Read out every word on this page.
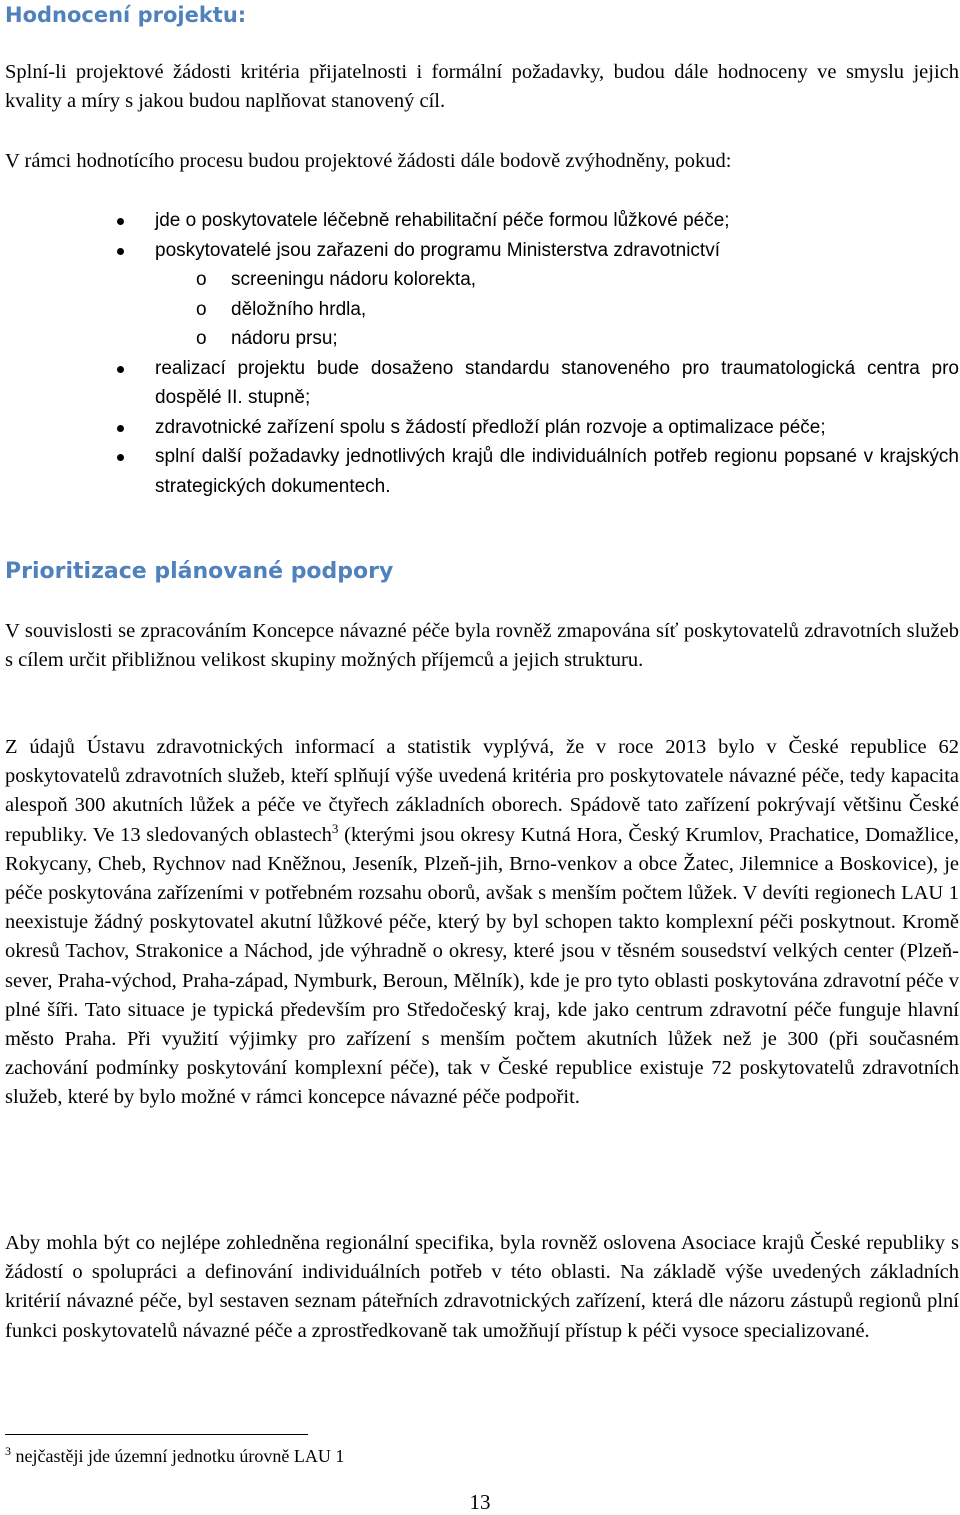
Hodnocení projektu:

Splní-li projektové žádosti kritéria přijatelnosti i formální požadavky, budou dále hodnoceny ve smyslu jejich kvality a míry s jakou budou naplňovat stanovený cíl.

V rámci hodnotícího procesu budou projektové žádosti dále bodově zvýhodněny, pokud:

jde o poskytovatele léčebně rehabilitační péče formou lůžkové péče;
poskytovatelé jsou zařazeni do programu Ministerstva zdravotnictví
o screeningu nádoru kolorekta,
o děložního hrdla,
o nádoru prsu;
realizací projektu bude dosaženo standardu stanoveného pro traumatologická centra pro dospělé II. stupně;
zdravotnické zařízení spolu s žádostí předloží plán rozvoje a optimalizace péče;
splní další požadavky jednotlivých krajů dle individuálních potřeb regionu popsané v krajských strategických dokumentech.
Prioritizace plánované podpory

V souvislosti se zpracováním Koncepce návazné péče byla rovněž zmapována síť poskytovatelů zdravotních služeb s cílem určit přibližnou velikost skupiny možných příjemců a jejich strukturu.

Z údajů Ústavu zdravotnických informací a statistik vyplývá, že v roce 2013 bylo v České republice 62 poskytovatelů zdravotních služeb, kteří splňují výše uvedená kritéria pro poskytovatele návazné péče, tedy kapacita alespoň 300 akutních lůžek a péče ve čtyřech základních oborech. Spádově tato zařízení pokrývají většinu České republiky. Ve 13 sledovaných oblastech$^3$ (kterými jsou okresy Kutná Hora, Český Krumlov, Prachatice, Domažlice, Rokycany, Cheb, Rychnov nad Kněžnou, Jeseník, Plzeň-jih, Brno-venkov a obce Žatec, Jilemnice a Boskovice), je péče poskytována zařízeními v potřebném rozsahu oborů, avšak s menším počtem lůžek. V devíti regionech LAU 1 neexistuje žádný poskytovatel akutní lůžkové péče, který by byl schopen takto komplexní péči poskytnout. Kromě okresů Tachov, Strakonice a Náchod, jde výhradně o okresy, které jsou v těsném sousedství velkých center (Plzeň-sever, Praha-východ, Praha-západ, Nymburk, Beroun, Mělník), kde je pro tyto oblasti poskytována zdravotní péče v plné šíři. Tato situace je typická především pro Středočeský kraj, kde jako centrum zdravotní péče funguje hlavní město Praha. Při využití výjimky pro zařízení s menším počtem akutních lůžek než je 300 (při současném zachování podmínky poskytování komplexní péče), tak v České republice existuje 72 poskytovatelů zdravotních služeb, které by bylo možné v rámci koncepce návazné péče podpořit.

Aby mohla být co nejlépe zohledněna regionální specifika, byla rovněž oslovena Asociace krajů České republiky s žádostí o spolupráci a definování individuálních potřeb v této oblasti. Na základě výše uvedených základních kritérií návazné péče, byl sestaven seznam páteřních zdravotnických zařízení, která dle názoru zástupů regionů plní funkci poskytovatelů návazné péče a zprostředkovaně tak umožňují přístup k péči vysoce specializované.

$^3$ nejčastěji jde územní jednotku úrovně LAU 1
13
